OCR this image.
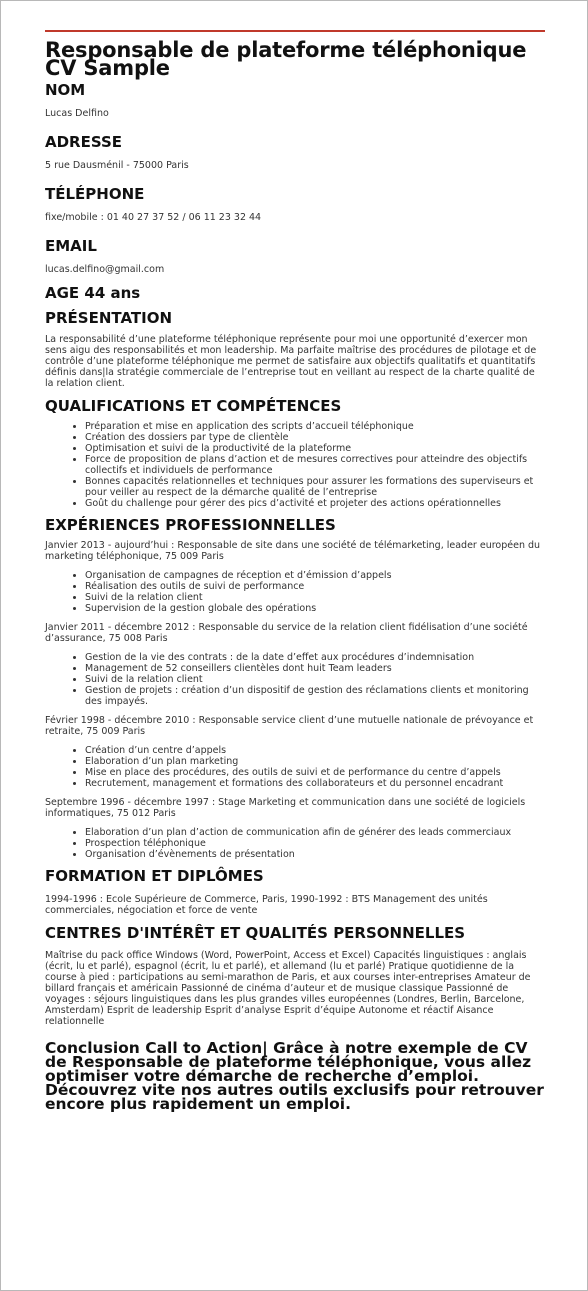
Responsable de plateforme téléphonique CV Sample

NOM

Lucas Delfino

ADRESSE

5 rue Dausménil - 75000 Paris

TÉLÉPHONE

fixe/mobile : 01 40 27 37 52 / 06 11 23 32 44

EMAIL

lucas.delfino@gmail.com

AGE 44 ans

PRÉSENTATION

La responsabilité d’une plateforme téléphonique représente pour moi une opportunité d’exercer mon sens aigu des responsabilités et mon leadership. Ma parfaite maîtrise des procédures de pilotage et de contrôle d’une plateforme téléphonique me permet de satisfaire aux objectifs qualitatifs et quantitatifs définis dans|la stratégie commerciale de l’entreprise tout en veillant au respect de la charte qualité de la relation client.

QUALIFICATIONS ET COMPÉTENCES

• Préparation et mise en application des scripts d’accueil téléphonique
• Création des dossiers par type de clientèle
• Optimisation et suivi de la productivité de la plateforme
• Force de proposition de plans d’action et de mesures correctives pour atteindre des objectifs collectifs et individuels de performance
• Bonnes capacités relationnelles et techniques pour assurer les formations des superviseurs et pour veiller au respect de la démarche qualité de l’entreprise
• Goût du challenge pour gérer des pics d’activité et projeter des actions opérationnelles

EXPÉRIENCES PROFESSIONNELLES

Janvier 2013 - aujourd’hui : Responsable de site dans une société de télémarketing, leader européen du marketing téléphonique, 75 009 Paris

• Organisation de campagnes de réception et d’émission d’appels
• Réalisation des outils de suivi de performance
• Suivi de la relation client
• Supervision de la gestion globale des opérations

Janvier 2011 - décembre 2012 : Responsable du service de la relation client fidélisation d’une société d’assurance, 75 008 Paris

• Gestion de la vie des contrats : de la date d’effet aux procédures d’indemnisation
• Management de 52 conseillers clientèles dont huit Team leaders
• Suivi de la relation client
• Gestion de projets : création d’un dispositif de gestion des réclamations clients et monitoring des impayés.

Février 1998 - décembre 2010 : Responsable service client d’une mutuelle nationale de prévoyance et retraite, 75 009 Paris

• Création d’un centre d’appels
• Elaboration d’un plan marketing
• Mise en place des procédures, des outils de suivi et de performance du centre d’appels
• Recrutement, management et formations des collaborateurs et du personnel encadrant

Septembre 1996 - décembre 1997 : Stage Marketing et communication dans une société de logiciels informatiques, 75 012 Paris

• Elaboration d’un plan d’action de communication afin de générer des leads commerciaux
• Prospection téléphonique
• Organisation d’évènements de présentation

FORMATION ET DIPLÔMES

1994-1996 : Ecole Supérieure de Commerce, Paris, 1990-1992 : BTS Management des unités commerciales, négociation et force de vente

CENTRES D'INTÉRÊT ET QUALITÉS PERSONNELLES

Maîtrise du pack office Windows (Word, PowerPoint, Access et Excel) Capacités linguistiques : anglais (écrit, lu et parlé), espagnol (écrit, lu et parlé), et allemand (lu et parlé) Pratique quotidienne de la course à pied : participations au semi-marathon de Paris, et aux courses inter-entreprises Amateur de billard français et américain Passionné de cinéma d’auteur et de musique classique Passionné de voyages : séjours linguistiques dans les plus grandes villes européennes (Londres, Berlin, Barcelone, Amsterdam) Esprit de leadership Esprit d’analyse Esprit d’équipe Autonome et réactif Aisance relationnelle

Conclusion Call to Action| Grâce à notre exemple de CV de Responsable de plateforme téléphonique, vous allez optimiser votre démarche de recherche d’emploi. Découvrez vite nos autres outils exclusifs pour retrouver encore plus rapidement un emploi.
